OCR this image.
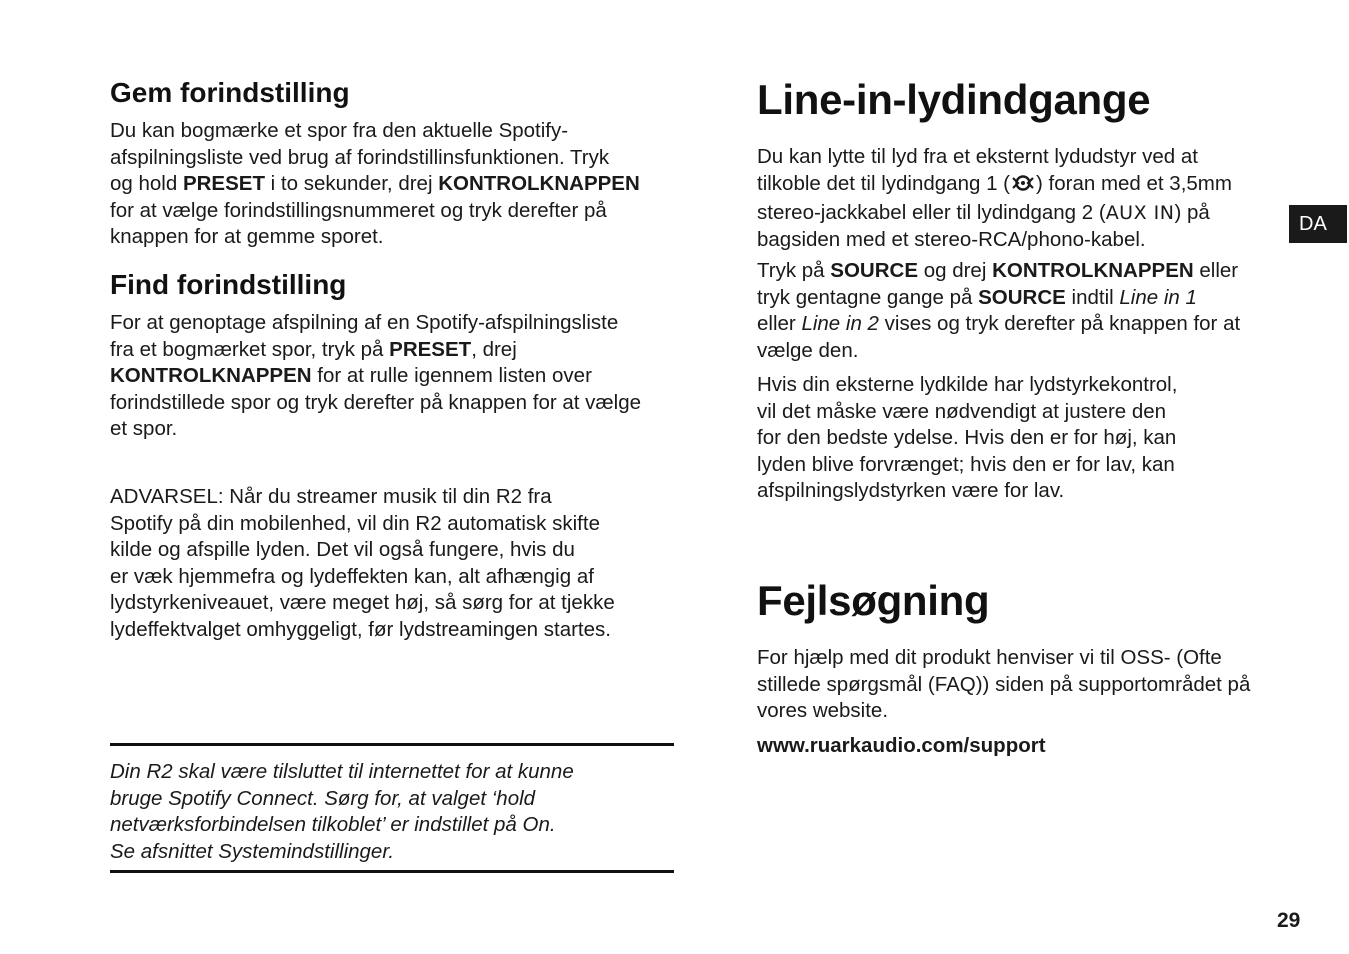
Gem forindstilling
Du kan bogmærke et spor fra den aktuelle Spotify-
afspilningsliste ved brug af forindstillinsfunktionen. Tryk
og hold PRESET i to sekunder, drej KONTROLKNAPPEN
for at vælge forindstillingsnummeret og tryk derefter på
knappen for at gemme sporet.
Find forindstilling
For at genoptage afspilning af en Spotify-afspilningsliste
fra et bogmærket spor, tryk på PRESET, drej
KONTROLKNAPPEN for at rulle igennem listen over
forindstillede spor og tryk derefter på knappen for at vælge
et spor.
ADVARSEL: Når du streamer musik til din R2 fra
Spotify på din mobilenhed, vil din R2 automatisk skifte
kilde og afspille lyden. Det vil også fungere, hvis du
er væk hjemmefra og lydeffekten kan, alt afhængig af
lydstyrkeniveauet, være meget høj, så sørg for at tjekke
lydeffektvalget omhyggeligt, før lydstreamingen startes.
Din R2 skal være tilsluttet til internettet for at kunne
bruge Spotify Connect. Sørg for, at valget ‘hold
netværksforbindelsen tilkoblet’ er indstillet på On.
Se afsnittet Systemindstillinger.
Line-in-lydindgange
Du kan lytte til lyd fra et eksternt lydudstyr ved at
tilkoble det til lydindgang 1 ( ) foran med et 3,5mm
stereo-jackkabel eller til lydindgang 2 (AUX IN) på
bagsiden med et stereo-RCA/phono-kabel.
Tryk på SOURCE og drej KONTROLKNAPPEN eller
tryk gentagne gange på SOURCE indtil Line in 1
eller Line in 2 vises og tryk derefter på knappen for at
vælge den.
Hvis din eksterne lydkilde har lydstyrkekontrol,
vil det måske være nødvendigt at justere den
for den bedste ydelse. Hvis den er for høj, kan
lyden blive forvrænget; hvis den er for lav, kan
afspilningslydstyrken være for lav.
Fejlsøgning
For hjælp med dit produkt henviser vi til OSS- (Ofte
stillede spørgsmål (FAQ)) siden på supportområdet på
vores website.
www.ruarkaudio.com/support
DA
29
